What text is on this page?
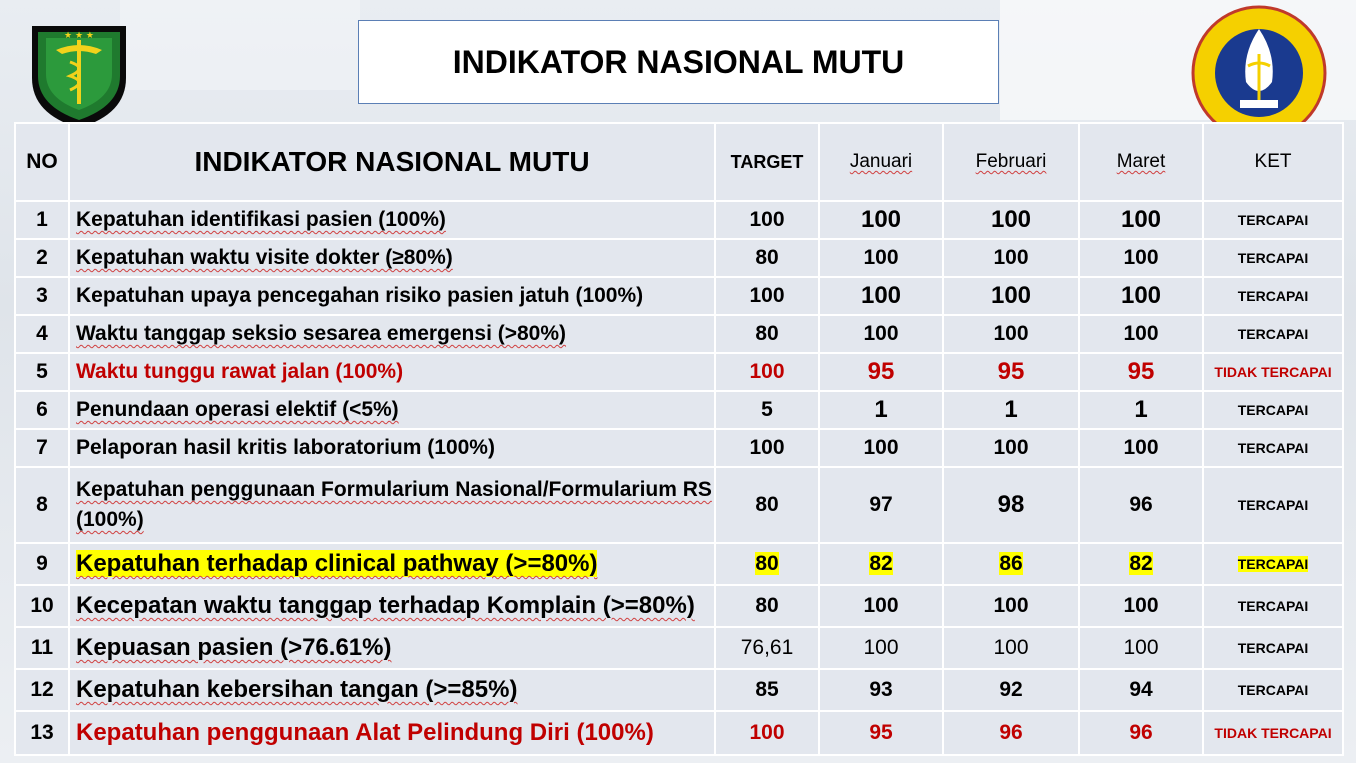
★ ★ ★
INDIKATOR NASIONAL MUTU
NO	INDIKATOR NASIONAL MUTU	TARGET	Januari	Februari	Maret	KET
1	Kepatuhan identifikasi pasien (100%)	100	100	100	100	TERCAPAI
2	Kepatuhan waktu visite dokter (≥80%)	80	100	100	100	TERCAPAI
3	Kepatuhan upaya pencegahan risiko pasien jatuh (100%)	100	100	100	100	TERCAPAI
4	Waktu tanggap seksio sesarea emergensi (>80%)	80	100	100	100	TERCAPAI
5	Waktu tunggu rawat jalan (100%)	100	95	95	95	TIDAK TERCAPAI
6	Penundaan operasi elektif (<5%)	5	1	1	1	TERCAPAI
7	Pelaporan hasil kritis laboratorium (100%)	100	100	100	100	TERCAPAI
8	Kepatuhan penggunaan Formularium Nasional/Formularium RS (100%)	80	97	98	96	TERCAPAI
9	Kepatuhan terhadap clinical pathway (>=80%)	80	82	86	82	TERCAPAI
10	Kecepatan waktu tanggap terhadap Komplain (>=80%)	80	100	100	100	TERCAPAI
11	Kepuasan pasien (>76.61%)	76,61	100	100	100	TERCAPAI
12	Kepatuhan kebersihan tangan (>=85%)	85	93	92	94	TERCAPAI
13	Kepatuhan penggunaan Alat Pelindung Diri (100%)	100	95	96	96	TIDAK TERCAPAI
